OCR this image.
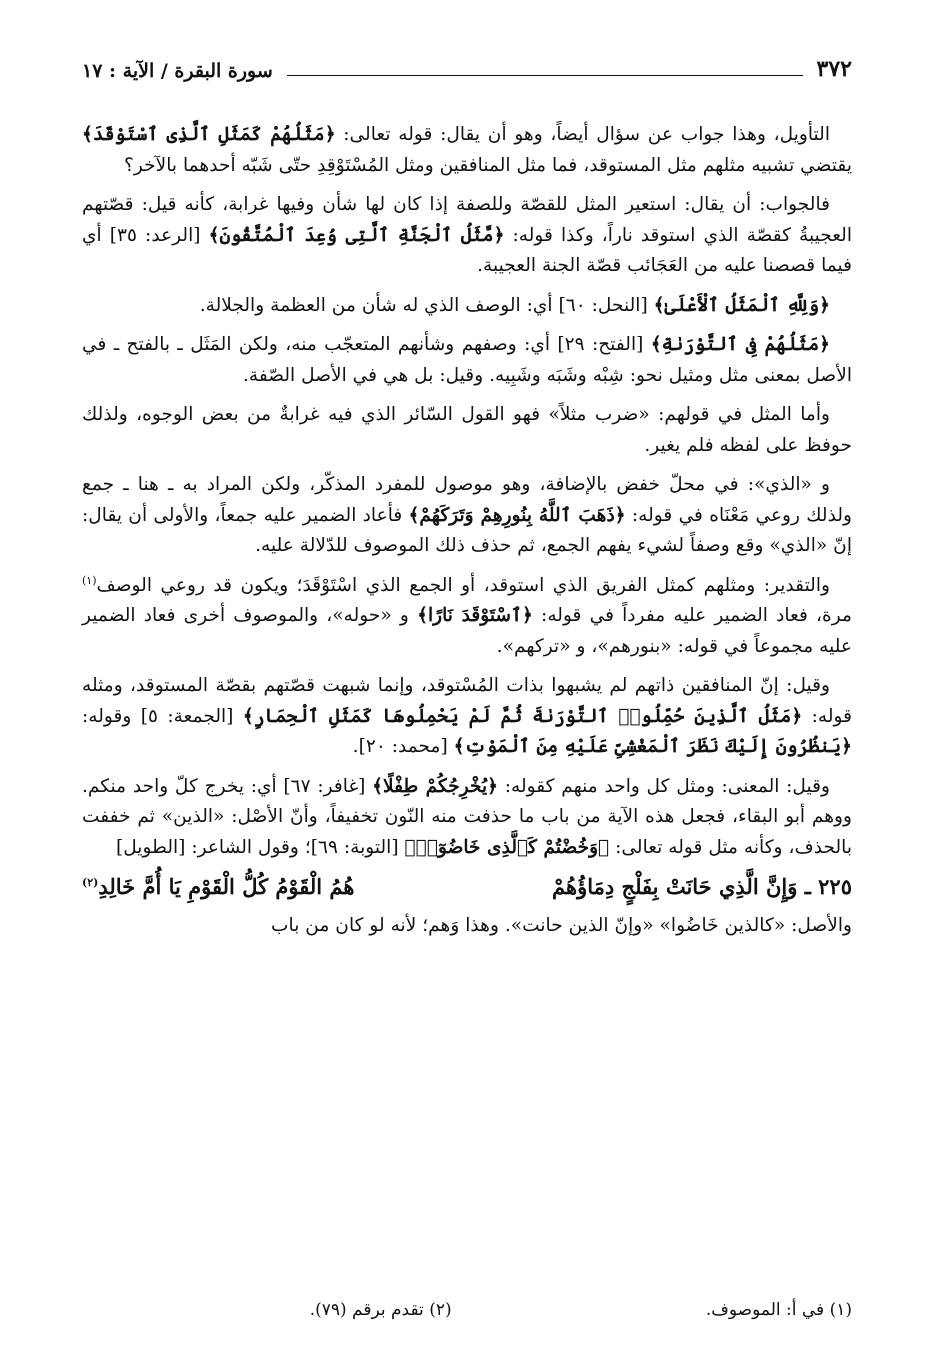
٣٧٢
سورة البقرة / الآية : ١٧

التأويل، وهذا جواب عن سؤال أيضاً، وهو أن يقال: قوله تعالى: ﴿مَثَلُهُمْ كَمَثَلِ ٱلَّذِى ٱسْتَوْقَدَ﴾ يقتضي تشبيه مثلهم مثل المستوقد، فما مثل المنافقين ومثل المُسْتَوْقِدِ حتّى شَبّه أحدهما بالآخر؟

فالجواب: أن يقال: استعير المثل للقصّة وللصفة إذا كان لها شأن وفيها غرابة، كأنه قيل: قصّتهم العجيبةُ كقصّة الذي استوقد ناراً، وكذا قوله: ﴿مَّثَلُ ٱلْجَنَّةِ ٱلَّتِى وُعِدَ ٱلْمُتَّقُونَ﴾ [الرعد: ٣٥] أي فيما قصصنا عليه من العَجَائب قصّة الجنة العجيبة.

﴿وَلِلَّهِ ٱلْمَثَلُ ٱلْأَعْلَىٰ﴾ [النحل: ٦٠] أي: الوصف الذي له شأن من العظمة والجلالة.

﴿مَثَلُهُمْ فِى ٱلتَّوْرَىٰةِ﴾ [الفتح: ٢٩] أي: وصفهم وشأنهم المتعجّب منه، ولكن المَثَل ـ بالفتح ـ في الأصل بمعنى مثل ومثيل نحو: شِبْه وشَبَه وشَبِيه. وقيل: بل هي في الأصل الصّفة.

وأما المثل في قولهم: «ضرب مثلاً» فهو القول السّائر الذي فيه غرابةٌ من بعض الوجوه، ولذلك حوفظ على لفظه فلم يغير.

و «الذي»: في محلّ خفض بالإضافة، وهو موصول للمفرد المذكّر، ولكن المراد به ـ هنا ـ جمع ولذلك روعي مَعْنَاه في قوله: ﴿ذَهَبَ ٱللَّهُ بِنُورِهِمْ وَتَرَكَهُمْ﴾ فأعاد الضمير عليه جمعاً، والأولى أن يقال: إنّ «الذي» وقع وصفاً لشيء يفهم الجمع، ثم حذف ذلك الموصوف للدّلالة عليه.

والتقدير: ومثلهم كمثل الفريق الذي استوقد، أو الجمع الذي اسْتَوْقَدَ؛ ويكون قد روعي الوصف$^{(١)}$ مرة، فعاد الضمير عليه مفرداً في قوله: ﴿ٱسْتَوْقَدَ نَارًا﴾ و «حوله»، والموصوف أخرى فعاد الضمير عليه مجموعاً في قوله: «بنورهم»، و «تركهم».

وقيل: إنّ المنافقين ذاتهم لم يشبهوا بذات المُسْتوقد، وإنما شبهت قصّتهم بقصّة المستوقد، ومثله قوله: ﴿مَثَلُ ٱلَّذِينَ حُمِّلُوا۟ ٱلتَّوْرَىٰةَ ثُمَّ لَمْ يَحْمِلُوهَا كَمَثَلِ ٱلْحِمَارِ﴾ [الجمعة: ٥] وقوله: ﴿يَنظُرُونَ إِلَيْكَ نَظَرَ ٱلْمَغْشِىِّ عَلَيْهِ مِنَ ٱلْمَوْتِ﴾ [محمد: ٢٠].

وقيل: المعنى: ومثل كل واحد منهم كقوله: ﴿يُخْرِجُكُمْ طِفْلًا﴾ [غافر: ٦٧] أي: يخرج كلّ واحد منكم. ووهم أبو البقاء، فجعل هذه الآية من باب ما حذفت منه النّون تخفيفاً، وأنّ الأصْل: «الذين» ثم خففت بالحذف، وكأنه مثل قوله تعالى: ﴿وَخُضْتُمْ كَٱلَّذِى خَاضُوٓا۟﴾ [التوبة: ٦٩]؛ وقول الشاعر: [الطويل]

٢٢٥ ـ وَإِنَّ الَّذِي حَانَتْ بِفَلْجٍ دِمَاؤُهُمْ
هُمُ الْقَوْمُ كُلُّ الْقَوْمِ يَا أُمَّ خَالِدِ$^{(٢)}$

والأصل: «كالذين خَاضُوا» «وإنّ الذين حانت». وهذا وَهم؛ لأنه لو كان من باب

(١) في أ: الموصوف.
(٢) تقدم برقم (٧٩).
